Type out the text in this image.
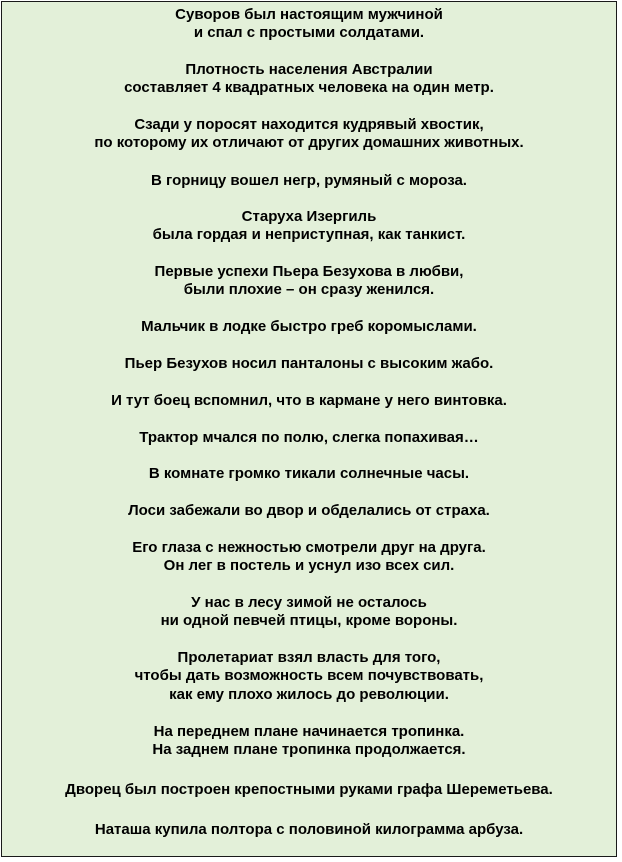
Суворов был настоящим мужчиной
и спал с простыми солдатами.
Плотность населения Австралии
составляет 4 квадратных человека на один метр.
Сзади у поросят находится кудрявый хвостик,
по которому их отличают от других домашних животных.
В горницу вошел негр, румяный с мороза.
Старуха Изергиль
была гордая и неприступная, как танкист.
Первые успехи Пьера Безухова в любви,
были плохие – он сразу женился.
Мальчик в лодке быстро греб коромыслами.
Пьер Безухов носил панталоны с высоким жабо.
И тут боец вспомнил, что в кармане у него винтовка.
Трактор мчался по полю, слегка попахивая…
В комнате громко тикали солнечные часы.
Лоси забежали во двор и обделались от страха.
Его глаза с нежностью смотрели друг на друга.
Он лег в постель и уснул изо всех сил.
У нас в лесу зимой не осталось
ни одной певчей птицы, кроме вороны.
Пролетариат взял власть для того,
чтобы дать возможность всем почувствовать,
как ему плохо жилось до революции.
На переднем плане начинается тропинка.
На заднем плане тропинка продолжается.
Дворец был построен крепостными руками графа Шереметьева.
Наташа купила полтора с половиной килограмма арбуза.
